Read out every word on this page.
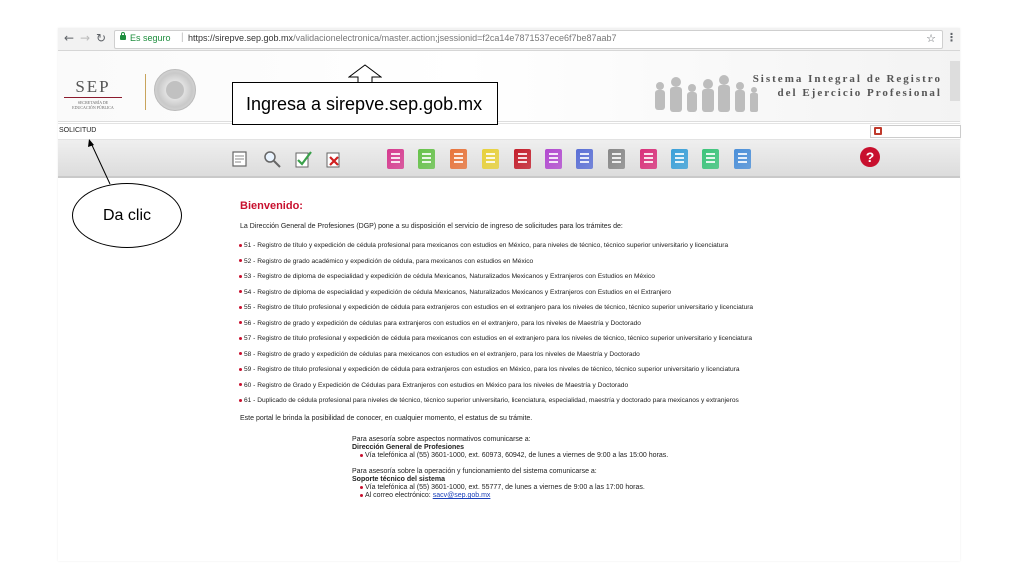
← → ↻	Es seguro | https://sirepve.sep.gob.mx/validacionelectronica/master.action;jsessionid=f2ca14e7871537ece6f7be87aab7	☆ ⋮
SEP
SECRETARÍA DE
EDUCACIÓN PÚBLICA
Sistema Integral de Registro
del Ejercicio Profesional
SOLICITUD
?
Bienvenido:
La Dirección General de Profesiones (DGP) pone a su disposición el servicio de ingreso de solicitudes para los trámites de:
51 - Registro de título y expedición de cédula profesional para mexicanos con estudios en México, para niveles de técnico, técnico superior universitario y licenciatura
52 - Registro de grado académico y expedición de cédula, para mexicanos con estudios en México
53 - Registro de diploma de especialidad y expedición de cédula Mexicanos, Naturalizados Mexicanos y Extranjeros con Estudios en México
54 - Registro de diploma de especialidad y expedición de cédula Mexicanos, Naturalizados Mexicanos y Extranjeros con Estudios en el Extranjero
55 - Registro de título profesional y expedición de cédula para extranjeros con estudios en el extranjero para los niveles de técnico, técnico superior universitario y licenciatura
56 - Registro de grado y expedición de cédulas para extranjeros con estudios en el extranjero, para los niveles de Maestría y Doctorado
57 - Registro de título profesional y expedición de cédula para mexicanos con estudios en el extranjero para los niveles de técnico, técnico superior universitario y licenciatura
58 - Registro de grado y expedición de cédulas para mexicanos con estudios en el extranjero, para los niveles de Maestría y Doctorado
59 - Registro de título profesional y expedición de cédula para extranjeros con estudios en México, para los niveles de técnico, técnico superior universitario y licenciatura
60 - Registro de Grado y Expedición de Cédulas para Extranjeros con estudios en México para los niveles de Maestría y Doctorado
61 - Duplicado de cédula profesional para niveles de técnico, técnico superior universitario, licenciatura, especialidad, maestría y doctorado para mexicanos y extranjeros
Este portal le brinda la posibilidad de conocer, en cualquier momento, el estatus de su trámite.
Para asesoría sobre aspectos normativos comunicarse a:
Dirección General de Profesiones
Vía telefónica al (55) 3601-1000, ext. 60973, 60942, de lunes a viernes de 9:00 a las 15:00 horas.
Para asesoría sobre la operación y funcionamiento del sistema comunicarse a:
Soporte técnico del sistema
Vía telefónica al (55) 3601-1000, ext. 55777, de lunes a viernes de 9:00 a las 17:00 horas.
Al correo electrónico: sacv@sep.gob.mx
Ingresa a sirepve.sep.gob.mx
Da clic
